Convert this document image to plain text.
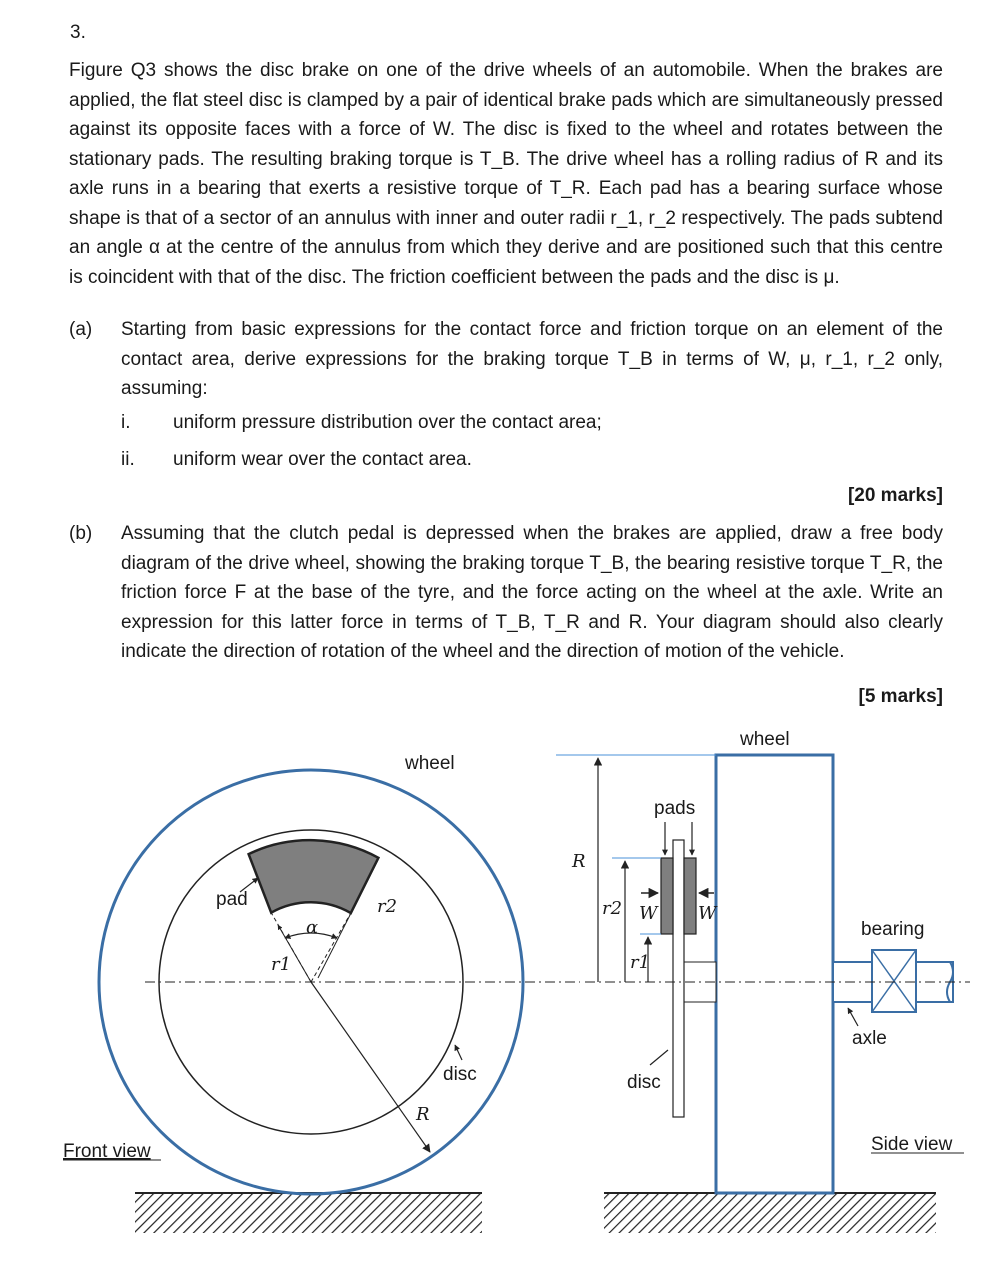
3.
Figure Q3 shows the disc brake on one of the drive wheels of an automobile. When the brakes are applied, the flat steel disc is clamped by a pair of identical brake pads which are simultaneously pressed against its opposite faces with a force of W. The disc is fixed to the wheel and rotates between the stationary pads. The resulting braking torque is T_B. The drive wheel has a rolling radius of R and its axle runs in a bearing that exerts a resistive torque of T_R. Each pad has a bearing surface whose shape is that of a sector of an annulus with inner and outer radii r_1, r_2 respectively. The pads subtend an angle α at the centre of the annulus from which they derive and are positioned such that this centre is coincident with that of the disc. The friction coefficient between the pads and the disc is μ.
(a) Starting from basic expressions for the contact force and friction torque on an element of the contact area, derive expressions for the braking torque T_B in terms of W, μ, r_1, r_2 only, assuming:
i. uniform pressure distribution over the contact area;
ii. uniform wear over the contact area.
[20 marks]
(b) Assuming that the clutch pedal is depressed when the brakes are applied, draw a free body diagram of the drive wheel, showing the braking torque T_B, the bearing resistive torque T_R, the friction force F at the base of the tyre, and the force acting on the wheel at the axle. Write an expression for this latter force in terms of T_B, T_R and R. Your diagram should also clearly indicate the direction of rotation of the wheel and the direction of motion of the vehicle.
[5 marks]
wheel
pad
α
r2
r1
disc
R
Front view
wheel
pads
bearing
axle
disc
R
r2
r1
W W
Side view
